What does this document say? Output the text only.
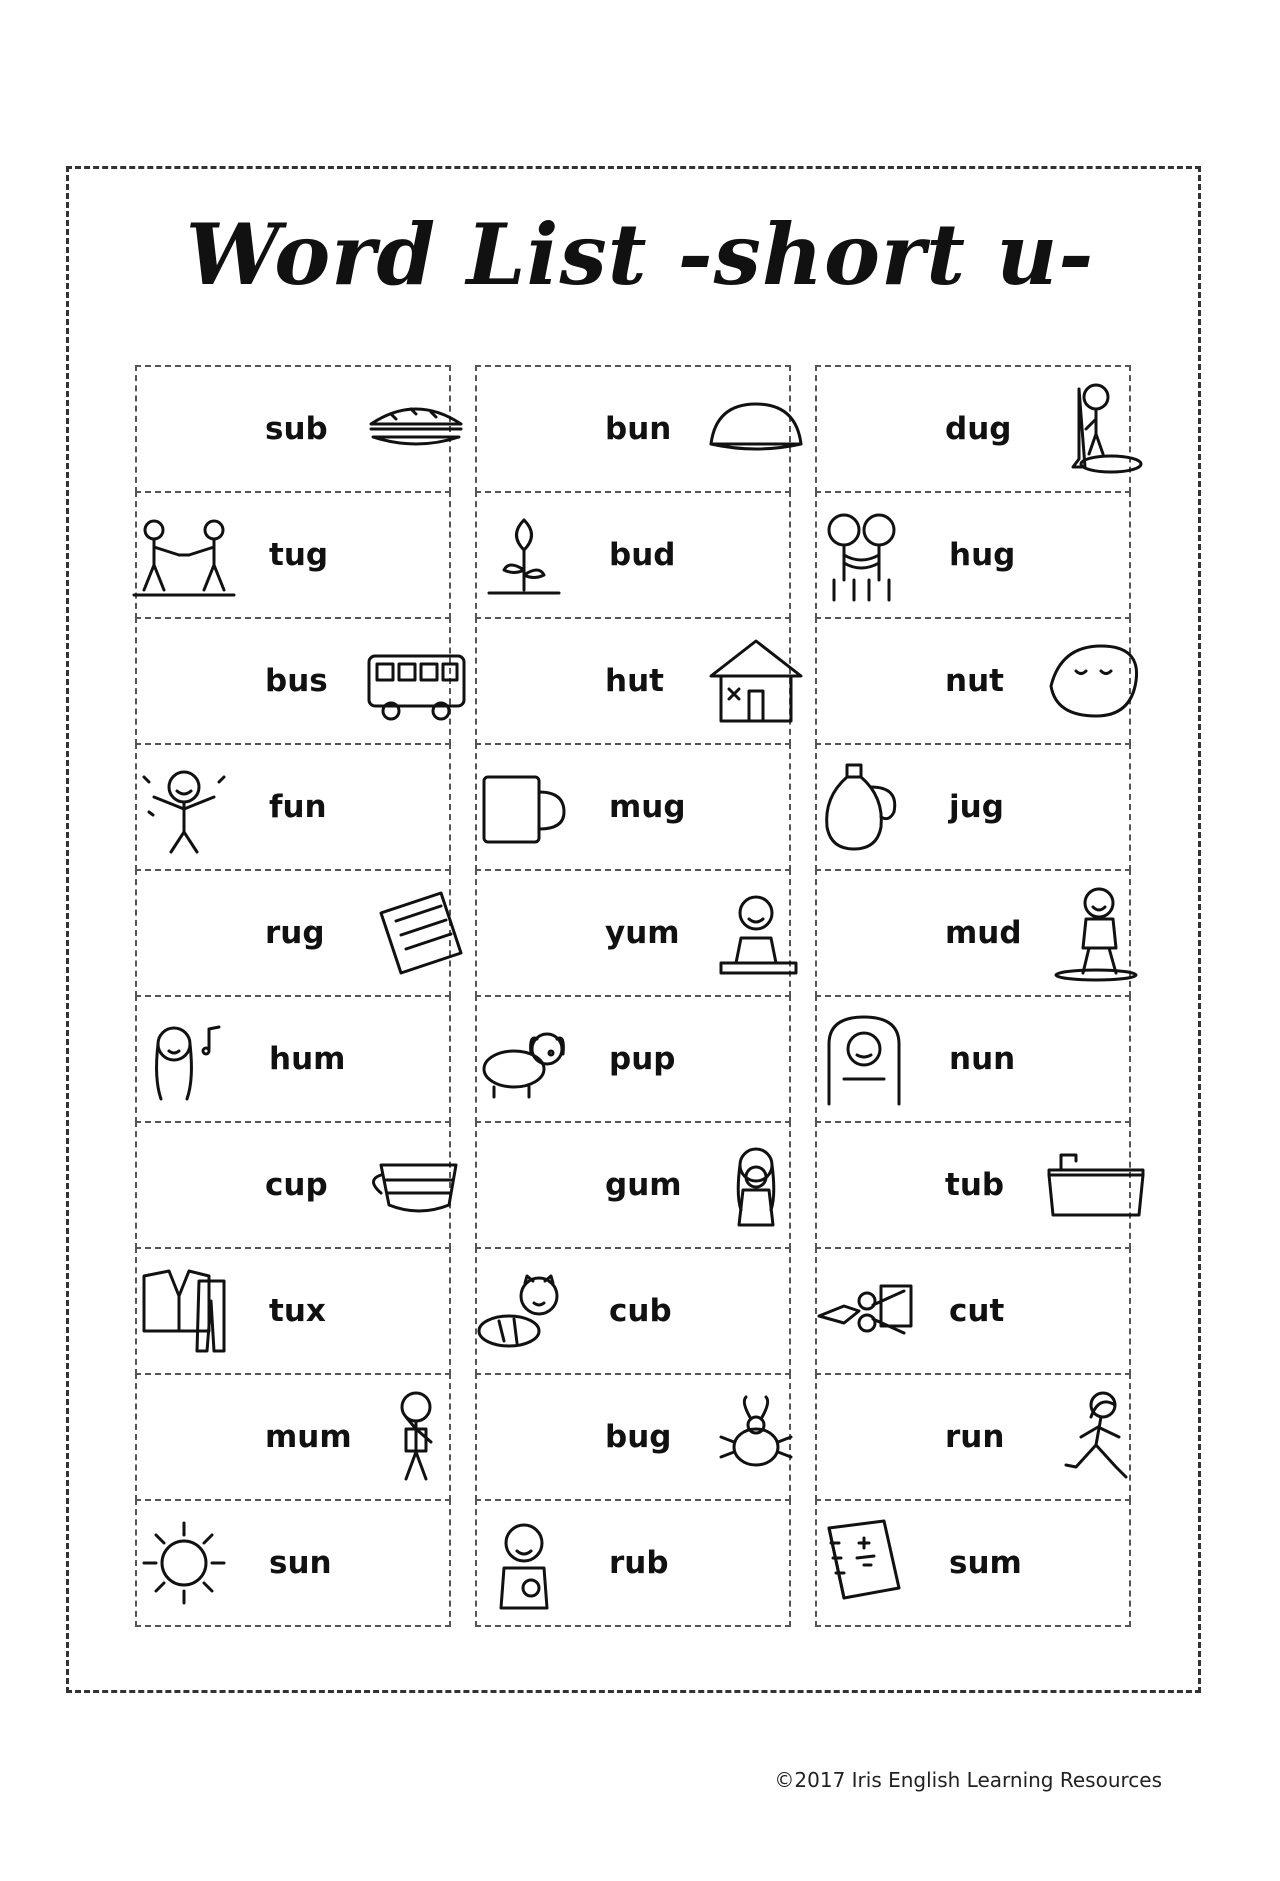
Word List -short u-
sub
tug
bus
fun
rug
hum
cup
tux
mum
sun
bun
bud
hut
mug
yum
pup
gum
cub
bug
rub
dug
hug
nut
jug
mud
nun
tub
cut
run
sum
©2017 Iris English Learning Resources
